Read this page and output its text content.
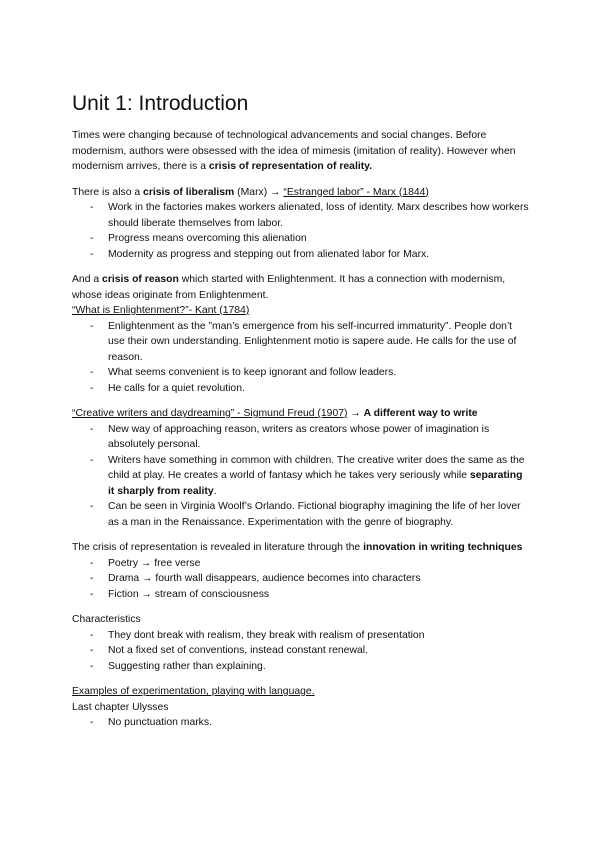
Unit 1: Introduction

Times were changing because of technological advancements and social changes. Before modernism, authors were obsessed with the idea of mimesis (imitation of reality). However when modernism arrives, there is a crisis of representation of reality.

There is also a crisis of liberalism (Marx) → “Estranged labor” - Marx (1844)

- Work in the factories makes workers alienated, loss of identity. Marx describes how workers should liberate themselves from labor.
- Progress means overcoming this alienation
- Modernity as progress and stepping out from alienated labor for Marx.

And a crisis of reason which started with Enlightenment. It has a connection with modernism, whose ideas originate from Enlightenment.

“What is Enlightenment?”- Kant (1784)

- Enlightenment as the ”man’s emergence from his self-incurred immaturity”. People don’t use their own understanding. Enlightenment motio is sapere aude. He calls for the use of reason.
- What seems convenient is to keep ignorant and follow leaders.
- He calls for a quiet revolution.

“Creative writers and daydreaming” - Sigmund Freud (1907) → A different way to write

- New way of approaching reason, writers as creators whose power of imagination is absolutely personal.
- Writers have something in common with children. The creative writer does the same as the child at play. He creates a world of fantasy which he takes very seriously while separating it sharply from reality.
- Can be seen in Virginia Woolf’s Orlando. Fictional biography imagining the life of her lover as a man in the Renaissance. Experimentation with the genre of biography.

The crisis of representation is revealed in literature through the innovation in writing techniques

- Poetry → free verse
- Drama → fourth wall disappears, audience becomes into characters
- Fiction → stream of consciousness

Characteristics

- They dont break with realism, they break with realism of presentation
- Not a fixed set of conventions, instead constant renewal.
- Suggesting rather than explaining.

Examples of experimentation, playing with language.

Last chapter Ulysses

- No punctuation marks.
